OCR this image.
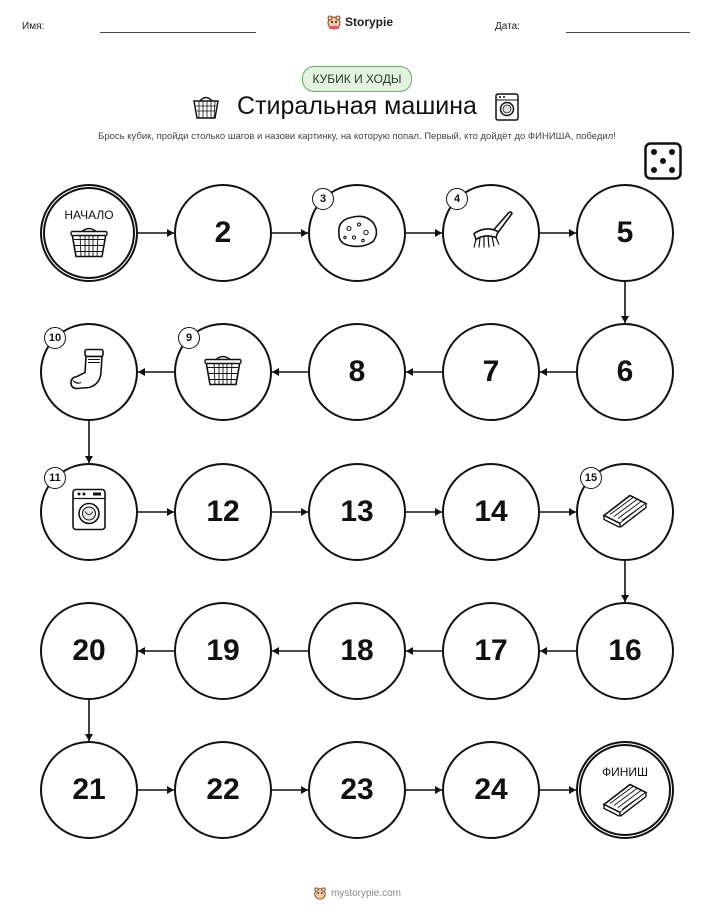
Имя:	Storypie	Дата:
КУБИК И ХОДЫ
Стиральная машина
Брось кубик, пройди столько шагов и назови картинку, на которую попал. Первый, кто дойдёт до ФИНИША, победил!
НАЧАЛО
2
3	4
5
6
7
8
9
10
11
12	13	14
15
16
17
18
19
20
21	22	23	24
ФИНИШ
mystorypie.com
